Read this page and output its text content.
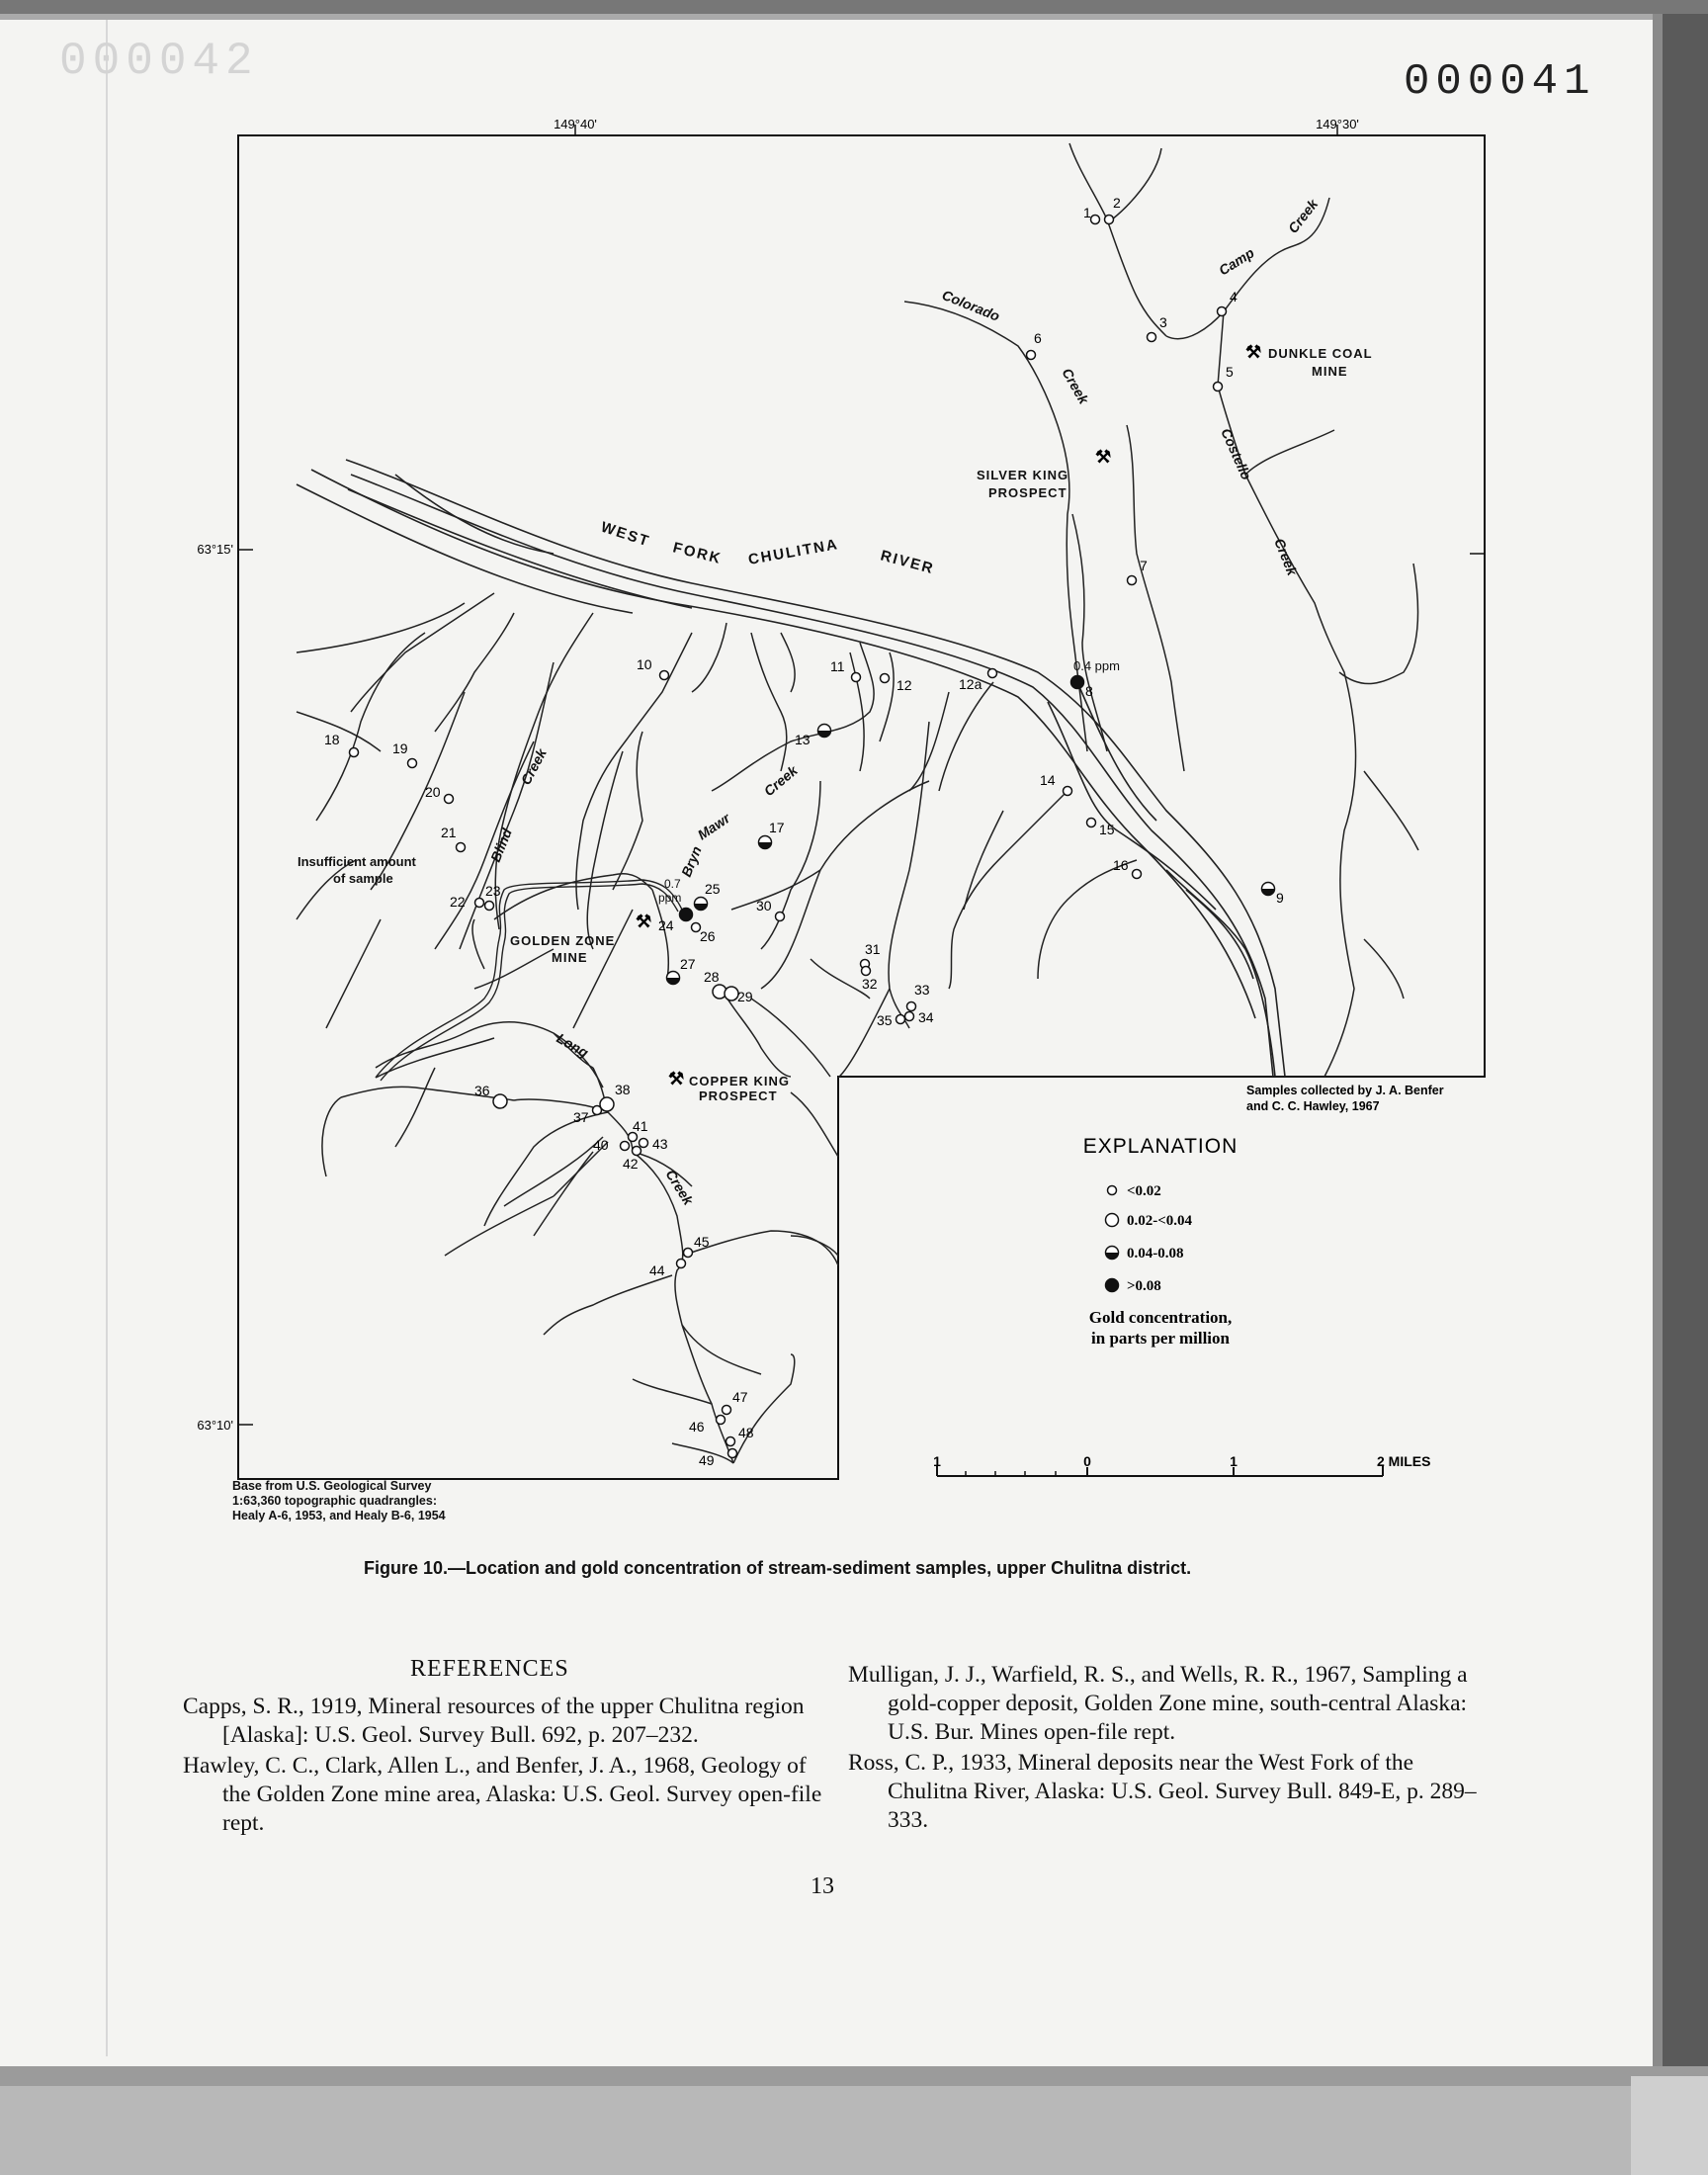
000042	000041
149°40'	149°30'
63°15'
63°10'
⚒
⚒
⚒
⚒
WEST
FORK CHULITNA	RIVER
Colorado
Creek
Camp
Creek
Costello
Creek
Blind
Creek
Bryn
Mawr
Creek
Long
Creek
DUNKLE COAL
MINE
SILVER KING
PROSPECT
GOLDEN ZONE
MINE
COPPER KING
PROSPECT
Insufficient amount
of sample
0.4 ppm
0.7
ppm
1
2
3
4
5
6
7
8
9
10	11
12	12a
13
14
15
16
17
18
19
20
21
22
23
24
25
26
27
28
29
30
31
32	33
34
35
36
37
38
40
41
42
43
44
45
46
47
48
49
Samples collected by J. A. Benfer
and C. C. Hawley, 1967
EXPLANATION
<0.02
0.02-<0.04
0.04-0.08
>0.08
Gold concentration,
in parts per million
1	0	1	2 MILES
Base from U.S. Geological Survey
1:63,360 topographic quadrangles:
Healy A-6, 1953, and Healy B-6, 1954
Figure 10.—Location and gold concentration of stream-sediment samples, upper Chulitna district.
REFERENCES

Capps, S. R., 1919, Mineral resources of the upper Chulitna region [Alaska]: U.S. Geol. Survey Bull. 692, p. 207–232.

Hawley, C. C., Clark, Allen L., and Benfer, J. A., 1968, Geology of the Golden Zone mine area, Alaska: U.S. Geol. Survey open-file rept.

Mulligan, J. J., Warfield, R. S., and Wells, R. R., 1967, Sampling a gold-copper deposit, Golden Zone mine, south-central Alaska: U.S. Bur. Mines open-file rept.

Ross, C. P., 1933, Mineral deposits near the West Fork of the Chulitna River, Alaska: U.S. Geol. Survey Bull. 849-E, p. 289–333.

13
